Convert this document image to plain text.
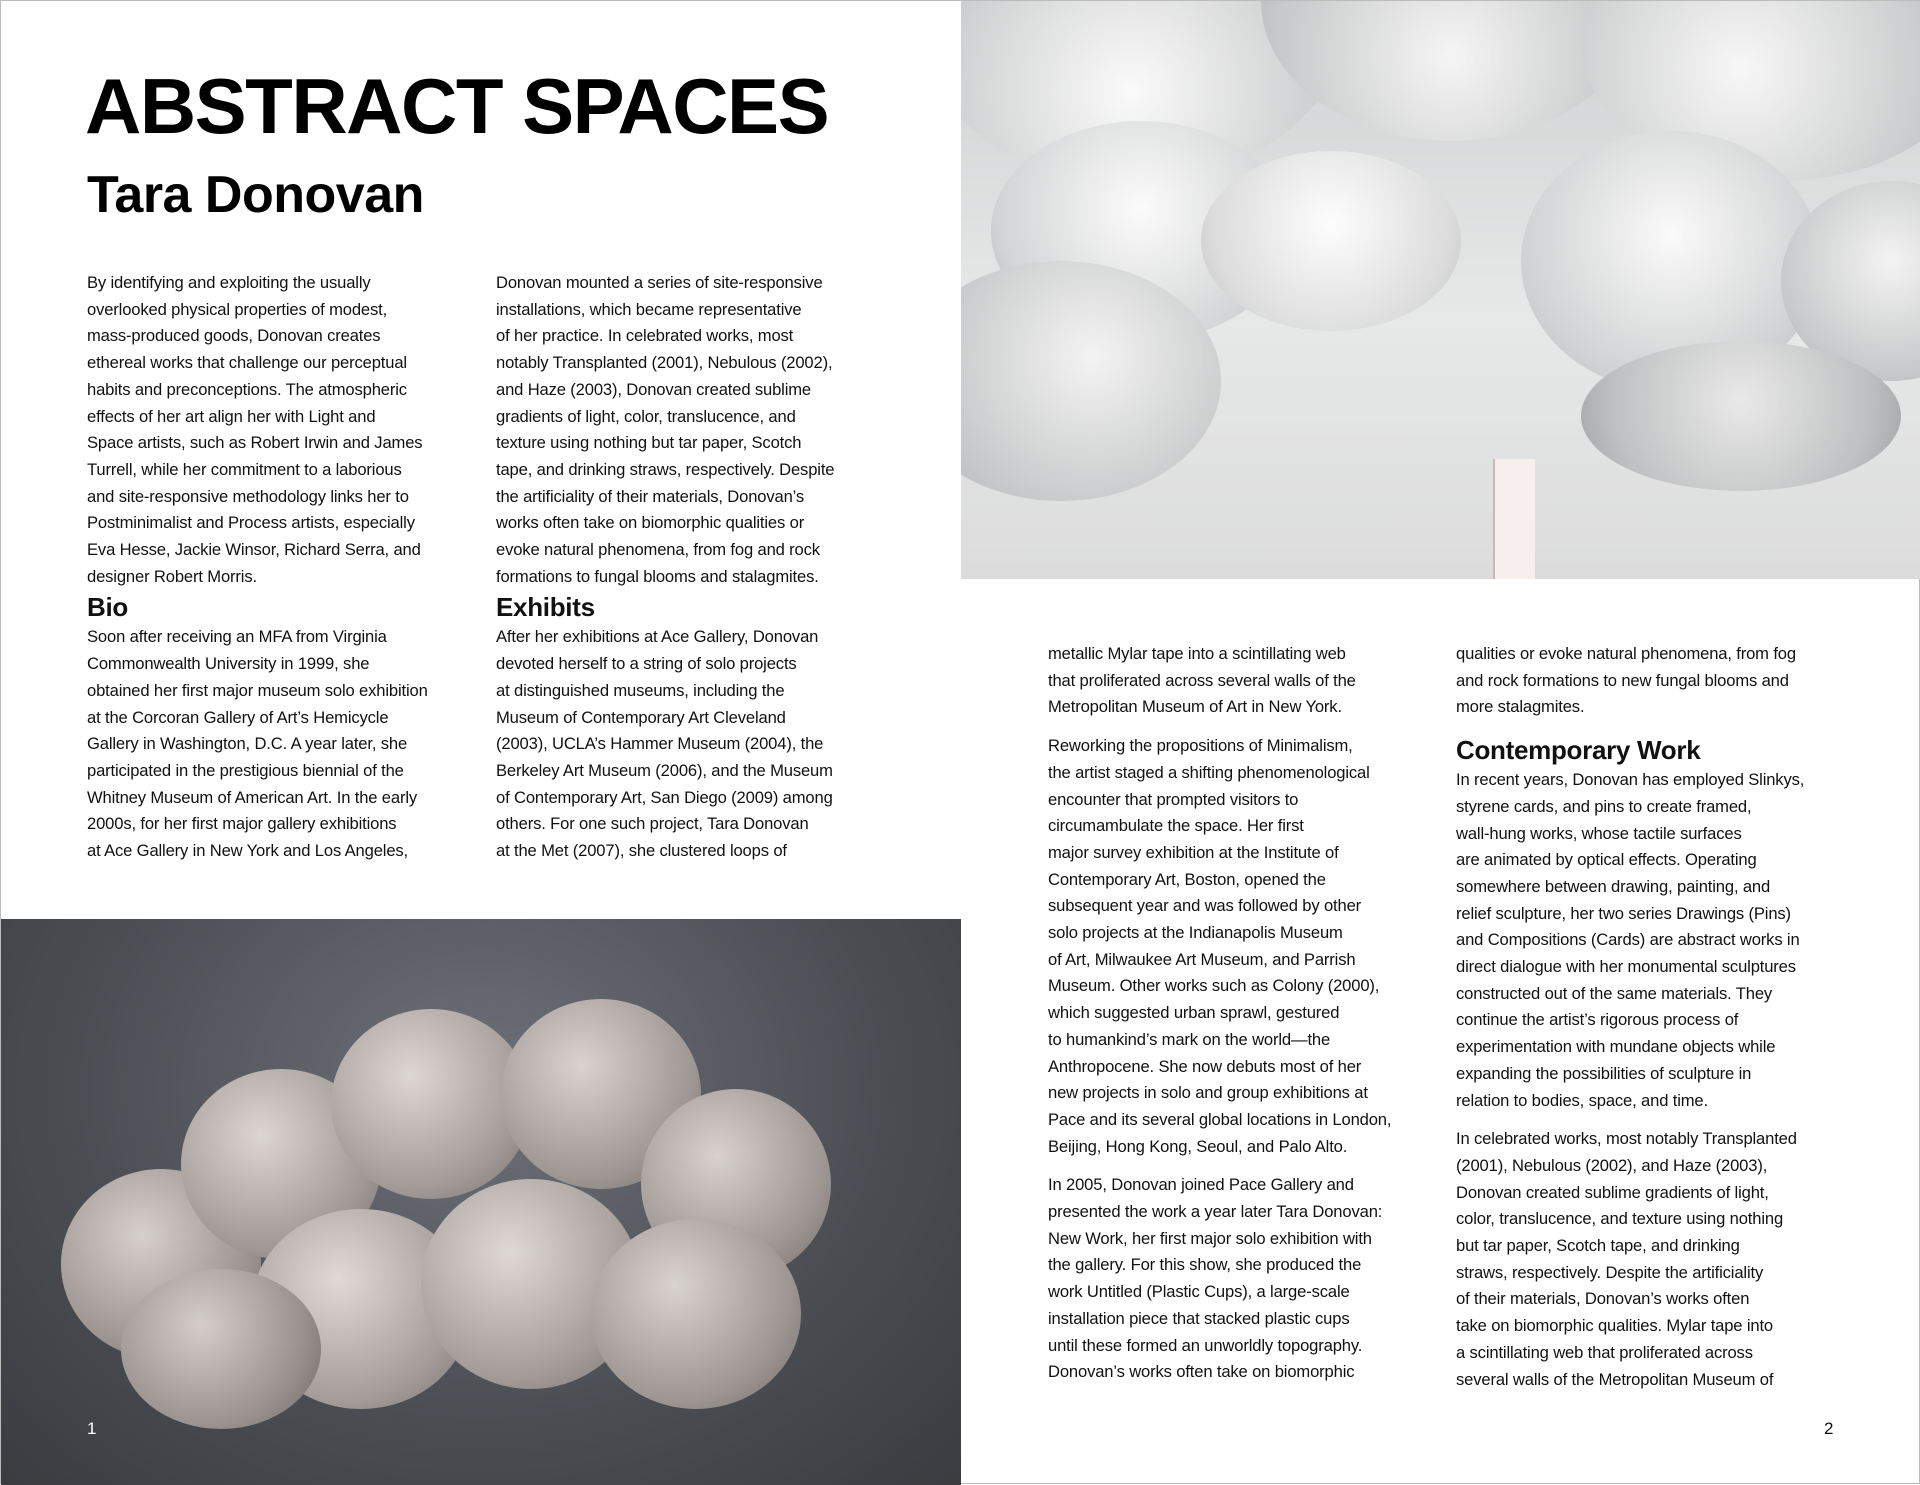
ABSTRACT SPACES
Tara Donovan
By identifying and exploiting the usually
overlooked physical properties of modest,
mass-produced goods, Donovan creates
ethereal works that challenge our perceptual
habits and preconceptions. The atmospheric
effects of her art align her with Light and
Space artists, such as Robert Irwin and James
Turrell, while her commitment to a laborious
and site-responsive methodology links her to
Postminimalist and Process artists, especially
Eva Hesse, Jackie Winsor, Richard Serra, and
designer Robert Morris.
Bio
Soon after receiving an MFA from Virginia
Commonwealth University in 1999, she
obtained her first major museum solo exhibition
at the Corcoran Gallery of Art’s Hemicycle
Gallery in Washington, D.C. A year later, she
participated in the prestigious biennial of the
Whitney Museum of American Art. In the early
2000s, for her first major gallery exhibitions
at Ace Gallery in New York and Los Angeles,
Donovan mounted a series of site-responsive
installations, which became representative
of her practice. In celebrated works, most
notably Transplanted (2001), Nebulous (2002),
and Haze (2003), Donovan created sublime
gradients of light, color, translucence, and
texture using nothing but tar paper, Scotch
tape, and drinking straws, respectively. Despite
the artificiality of their materials, Donovan’s
works often take on biomorphic qualities or
evoke natural phenomena, from fog and rock
formations to fungal blooms and stalagmites.
Exhibits
After her exhibitions at Ace Gallery, Donovan
devoted herself to a string of solo projects
at distinguished museums, including the
Museum of Contemporary Art Cleveland
(2003), UCLA’s Hammer Museum (2004), the
Berkeley Art Museum (2006), and the Museum
of Contemporary Art, San Diego (2009) among
others. For one such project, Tara Donovan
at the Met (2007), she clustered loops of
metallic Mylar tape into a scintillating web
that proliferated across several walls of the
Metropolitan Museum of Art in New York.
Reworking the propositions of Minimalism,
the artist staged a shifting phenomenological
encounter that prompted visitors to
circumambulate the space. Her first
major survey exhibition at the Institute of
Contemporary Art, Boston, opened the
subsequent year and was followed by other
solo projects at the Indianapolis Museum
of Art, Milwaukee Art Museum, and Parrish
Museum. Other works such as Colony (2000),
which suggested urban sprawl, gestured
to humankind’s mark on the world—the
Anthropocene. She now debuts most of her
new projects in solo and group exhibitions at
Pace and its several global locations in London,
Beijing, Hong Kong, Seoul, and Palo Alto.
In 2005, Donovan joined Pace Gallery and
presented the work a year later Tara Donovan:
New Work, her first major solo exhibition with
the gallery. For this show, she produced the
work Untitled (Plastic Cups), a large-scale
installation piece that stacked plastic cups
until these formed an unworldly topography.
Donovan’s works often take on biomorphic
qualities or evoke natural phenomena, from fog
and rock formations to new fungal blooms and
more stalagmites.
Contemporary Work
In recent years, Donovan has employed Slinkys,
styrene cards, and pins to create framed,
wall-hung works, whose tactile surfaces
are animated by optical effects. Operating
somewhere between drawing, painting, and
relief sculpture, her two series Drawings (Pins)
and Compositions (Cards) are abstract works in
direct dialogue with her monumental sculptures
constructed out of the same materials. They
continue the artist’s rigorous process of
experimentation with mundane objects while
expanding the possibilities of sculpture in
relation to bodies, space, and time.
In celebrated works, most notably Transplanted
(2001), Nebulous (2002), and Haze (2003),
Donovan created sublime gradients of light,
color, translucence, and texture using nothing
but tar paper, Scotch tape, and drinking
straws, respectively. Despite the artificiality
of their materials, Donovan’s works often
take on biomorphic qualities. Mylar tape into
a scintillating web that proliferated across
several walls of the Metropolitan Museum of
1	2
